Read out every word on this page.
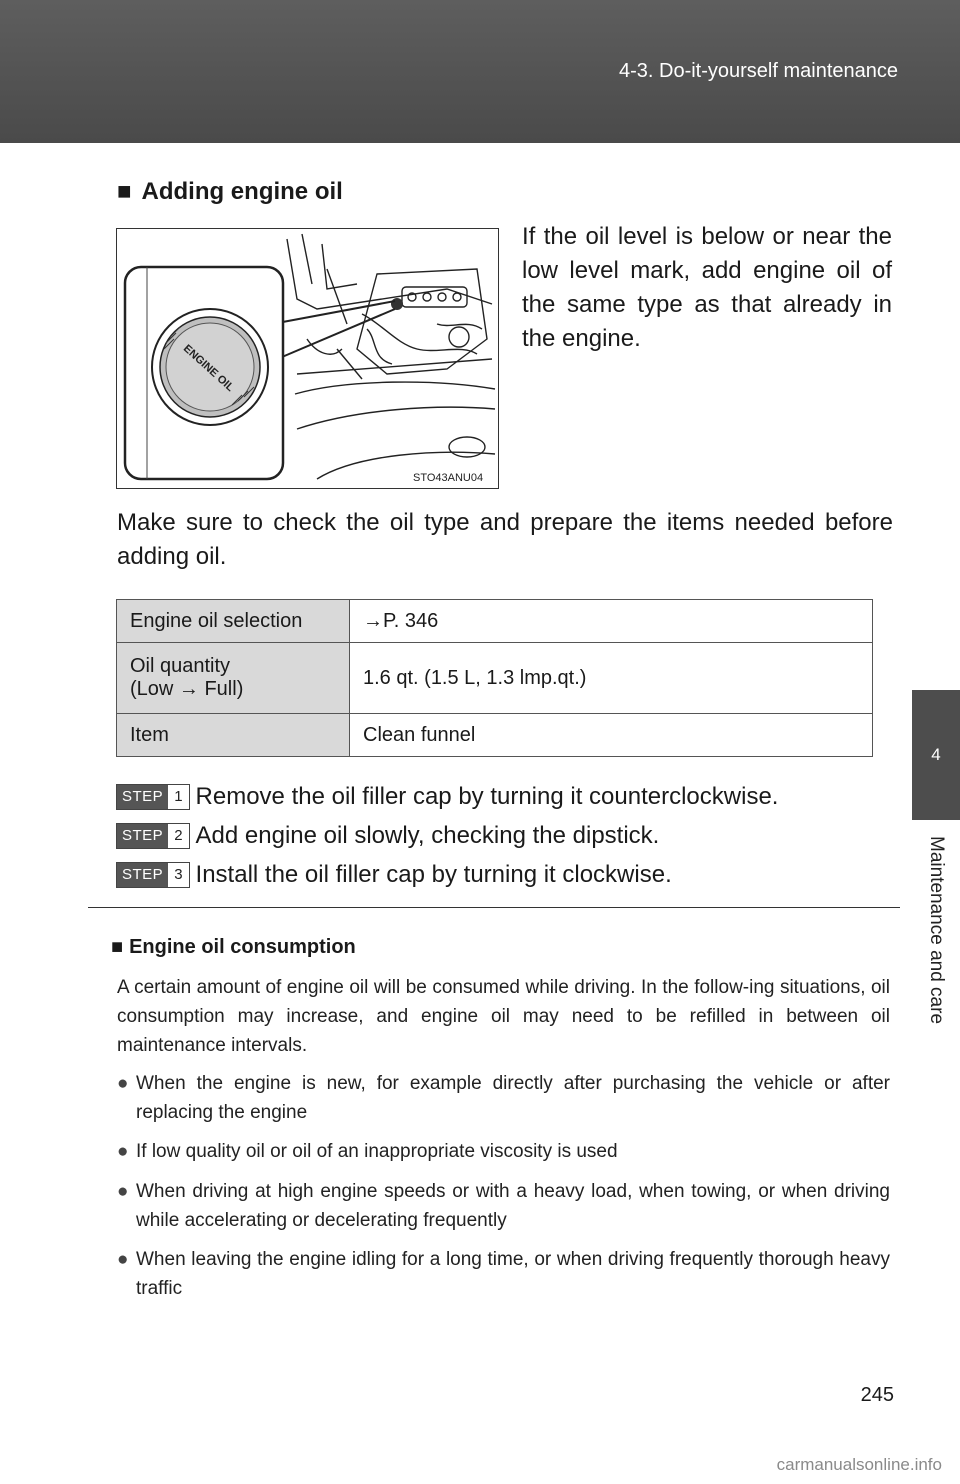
4-3. Do-it-yourself maintenance
4
Maintenance and care
■ Adding engine oil
ENGINE OIL
STO43ANU04
If the oil level is below or near the low level mark, add engine oil of the same type as that already in the engine.
Make sure to check the oil type and prepare the items needed before adding oil.
Engine oil selection	→P. 346

Oil quantity
(Low → Full)	1.6 qt. (1.5 L, 1.3 lmp.qt.)
Item	Clean funnel
STEP 1 Remove the oil filler cap by turning it counterclockwise.
STEP 2 Add engine oil slowly, checking the dipstick.
STEP 3 Install the oil filler cap by turning it clockwise.
■ Engine oil consumption
A certain amount of engine oil will be consumed while driving. In the follow-ing situations, oil consumption may increase, and engine oil may need to be refilled in between oil maintenance intervals.
● When the engine is new, for example directly after purchasing the vehicle or after replacing the engine
● If low quality oil or oil of an inappropriate viscosity is used
● When driving at high engine speeds or with a heavy load, when towing, or when driving while accelerating or decelerating frequently
● When leaving the engine idling for a long time, or when driving frequently thorough heavy traffic
245
carmanualsonline.info
